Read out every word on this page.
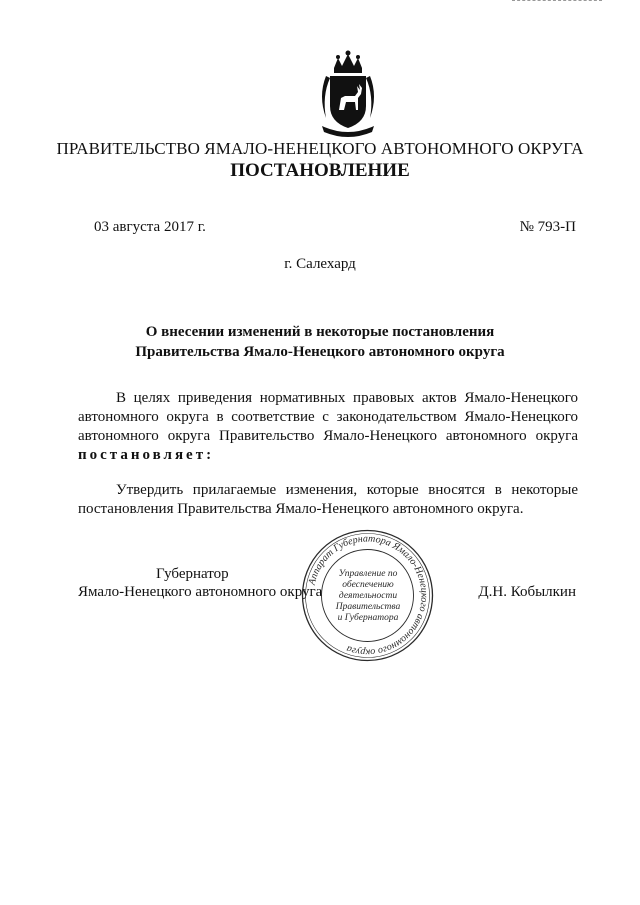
ПРАВИТЕЛЬСТВО ЯМАЛО-НЕНЕЦКОГО АВТОНОМНОГО ОКРУГА
ПОСТАНОВЛЕНИЕ
03 августа 2017 г.	№ 793-П
г. Салехард
О внесении изменений в некоторые постановления
Правительства Ямало-Ненецкого автономного округа
В целях приведения нормативных правовых актов Ямало-Ненецкого автономного округа в соответствие с законодательством Ямало-Ненецкого автономного округа Правительство Ямало-Ненецкого автономного округа постановляет:
Утвердить прилагаемые изменения, которые вносятся в некоторые постановления Правительства Ямало-Ненецкого автономного округа.
Губернатор
Ямало-Ненецкого автономного округа	Д.Н. Кобылкин
Аппарат Губернатора Ямало-Ненецкого автономного округа
Управление по
обеспечению
деятельности
Правительства
и Губернатора
